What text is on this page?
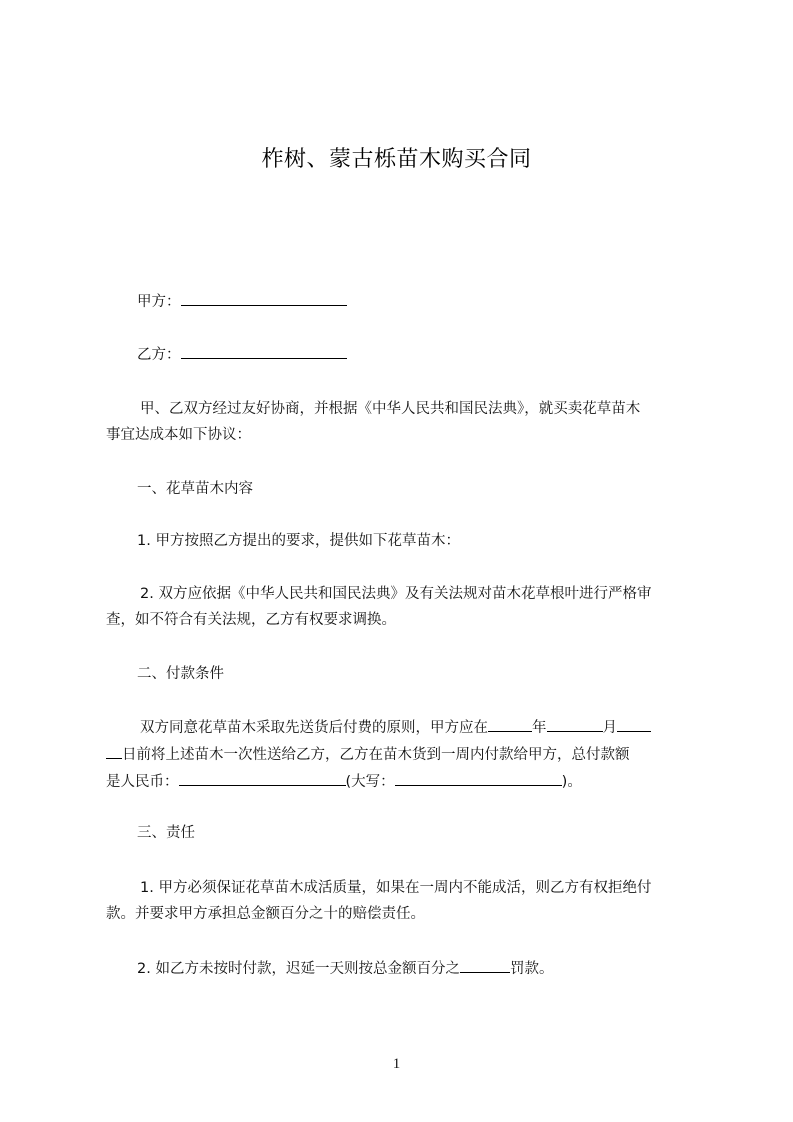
柞树、蒙古栎苗木购买合同
甲方：
乙方：
甲、乙双方经过友好协商，并根据《中华人民共和国民法典》，就买卖花草苗木
事宜达成本如下协议：
一、花草苗木内容
1. 甲方按照乙方提出的要求，提供如下花草苗木：
2. 双方应依据《中华人民共和国民法典》及有关法规对苗木花草根叶进行严格审
查，如不符合有关法规，乙方有权要求调换。
二、付款条件
双方同意花草苗木采取先送货后付费的原则，甲方应在	年	月
日前将上述苗木一次性送给乙方，乙方在苗木货到一周内付款给甲方，总付款额
是人民币：	(大写：	)。
三、责任
1. 甲方必须保证花草苗木成活质量，如果在一周内不能成活，则乙方有权拒绝付
款。并要求甲方承担总金额百分之十的赔偿责任。
2. 如乙方未按时付款，迟延一天则按总金额百分之	罚款。
1
